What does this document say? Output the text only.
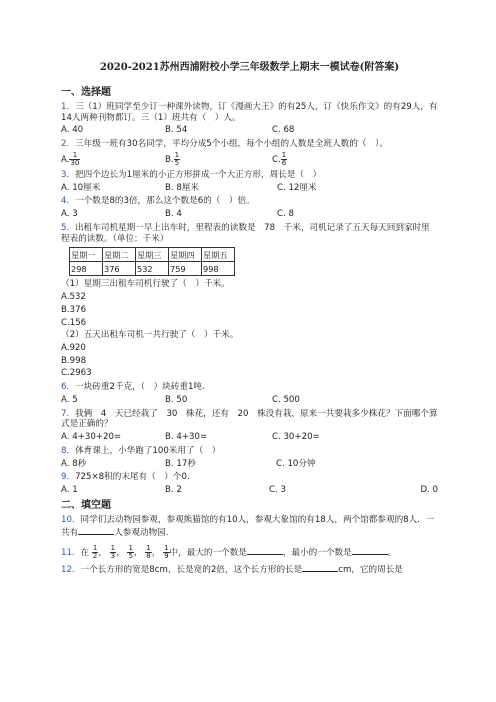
2020-2021苏州西浦附校小学三年级数学上期末一模试卷(附答案)
一、选择题
1．三（1）班同学至少订一种课外读物，订《漫画大王》的有25人，订《快乐作文》的有29人，有14人两种刊物都订。三（1）班共有（　）人。
A. 40	B. 54	C. 68
2．三年级一班有30名同学，平均分成5个小组，每个小组的人数是全班人数的（　）。
A. $\frac{1}{30}$	B. $\frac{1}{5}$	C. $\frac{1}{6}$
3．把四个边长为1厘米的小正方形拼成一个大正方形，周长是（　）
A. 10厘米	B. 8厘米	C. 12厘米
4．一个数是8的3倍，那么这个数是6的（　）倍。
A. 3	B. 4	C. 8
5．出租车司机星期一早上出车时，里程表的读数是　78　千米，司机记录了五天每天回到家时里程表的读数。（单位：千米）
星期一	星期二	星期三	星期四	星期五
298	376	532	759	998
（1）星期三出租车司机行驶了（　）千米。
A.532
B.376
C.156
（2）五天出租车司机一共行驶了（　）千米。
A.920
B.998
C.2963
6．一块砖重2千克，（　）块砖重1吨.
A. 5	B. 50	C. 500
7．我俩　4　天已经栽了　30　株花，还有　20　株没有栽，原来一共要栽多少株花？下面哪个算式是正确的？
A. 4+30+20=	B. 4+30=	C. 30+20=
8．体育课上，小华跑了100米用了（　）
A. 8秒	B. 17秒	C. 10分钟
9．725×8积的末尾有（　）个0.
A. 1	B. 2	C. 3	D. 0
二、填空题
10．同学们去动物园参观，参观熊猫馆的有10人，参观大象馆的有18人，两个馆都参观的8人．一共有	人参观动物园.
11．在 $\frac{1}{2}$ ， $\frac{1}{3}$ ， $\frac{1}{5}$ ， $\frac{1}{8}$ ， $\frac{1}{9}$ 中，最大的一个数是	，最小的一个数是	。
12．一个长方形的宽是8cm，长是宽的2倍，这个长方形的长是	cm，它的周长是
